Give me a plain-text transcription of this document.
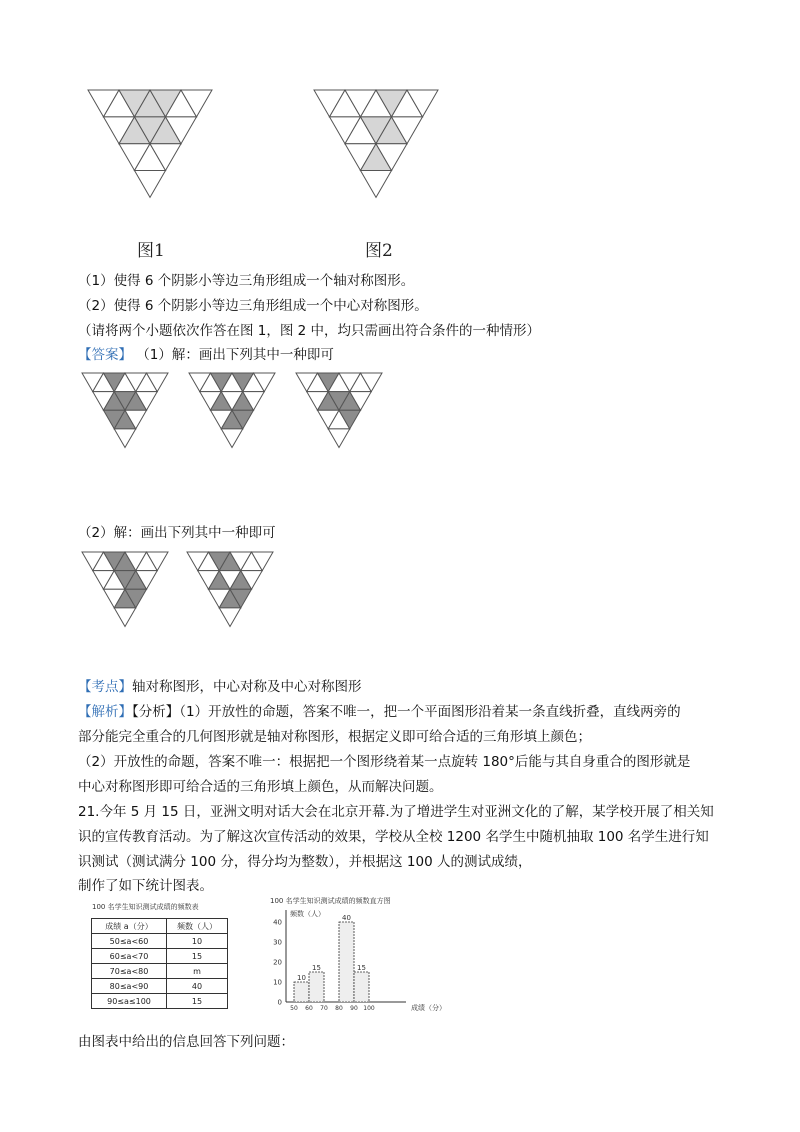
图1	图2
（1）使得 6 个阴影小等边三角形组成一个轴对称图形。
（2）使得 6 个阴影小等边三角形组成一个中心对称图形。
（请将两个小题依次作答在图 1，图 2 中，均只需画出符合条件的一种情形）
【答案】 （1）解：画出下列其中一种即可
（2）解：画出下列其中一种即可
【考点】轴对称图形，中心对称及中心对称图形
【解析】【分析】（1）开放性的命题，答案不唯一，把一个平面图形沿着某一条直线折叠，直线两旁的
部分能完全重合的几何图形就是轴对称图形，根据定义即可给合适的三角形填上颜色；
（2）开放性的命题，答案不唯一：根据把一个图形绕着某一点旋转 180°后能与其自身重合的图形就是
中心对称图形即可给合适的三角形填上颜色，从而解决问题。
21.今年 5 月 15 日，亚洲文明对话大会在北京开幕.为了增进学生对亚洲文化的了解，某学校开展了相关知
识的宣传教育活动。为了解这次宣传活动的效果，学校从全校 1200 名学生中随机抽取 100 名学生进行知
识测试（测试满分 100 分，得分均为整数），并根据这 100 人的测试成绩，
制作了如下统计图表。
100 名学生知识测试成绩的频数表
成绩 a（分）	频数（人）
50≤a<60	10
60≤a<70	15
70≤a<80	m
80≤a<90	40
90≤a≤100	15
100 名学生知识测试成绩的频数直方图
频数（人）
0
10
20
30
40
50 60 70 80 90 100
10
15
40
15
成绩（分）
由图表中给出的信息回答下列问题：
